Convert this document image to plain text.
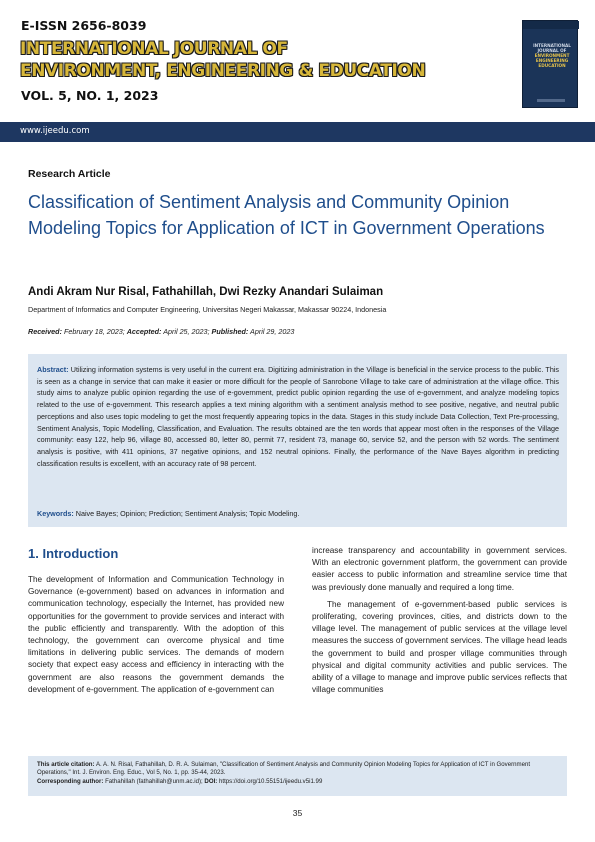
E-ISSN 2656-8039
INTERNATIONAL JOURNAL OF
ENVIRONMENT, ENGINEERING & EDUCATION
VOL. 5, NO. 1, 2023
INTERNATIONAL JOURNAL OF
ENVIRONMENT
ENGINEERING
EDUCATION
www.ijeedu.com
Research Article
Classification of Sentiment Analysis and Community Opinion Modeling Topics for Application of ICT in Government Operations
Andi Akram Nur Risal, Fathahillah, Dwi Rezky Anandari Sulaiman
Department of Informatics and Computer Engineering, Universitas Negeri Makassar, Makassar 90224, Indonesia
Received: February 18, 2023; Accepted: April 25, 2023; Published: April 29, 2023
Abstract: Utilizing information systems is very useful in the current era. Digitizing administration in the Village is beneficial in the service process to the public. This is seen as a change in service that can make it easier or more difficult for the people of Sanrobone Village to take care of administration at the village office. This study aims to analyze public opinion regarding the use of e-government, predict public opinion regarding the use of e-government, and analyze modeling topics related to the use of e-government. This research applies a text mining algorithm with a sentiment analysis method to see positive, negative, and neutral public perceptions and also uses topic modeling to get the most frequently appearing topics in the data. Stages in this study include Data Collection, Text Pre-processing, Sentiment Analysis, Topic Modelling, Classification, and Evaluation. The results obtained are the ten words that appear most often in the responses of the Village community: easy 122, help 96, village 80, accessed 80, letter 80, permit 77, resident 73, manage 60, service 52, and the person with 52 words. The sentiment analysis is positive, with 411 opinions, 37 negative opinions, and 152 neutral opinions. Finally, the performance of the Nave Bayes algorithm in predicting classification results is excellent, with an accuracy rate of 98 percent.
Keywords: Naive Bayes; Opinion; Prediction; Sentiment Analysis; Topic Modeling.
1. Introduction

The development of Information and Communication Technology in Governance (e-government) based on advances in information and communication technology, especially the Internet, has provided new opportunities for the government to provide services and interact with the public efficiently and transparently. With the adoption of this technology, the government can overcome physical and time limitations in delivering public services. The demands of modern society that expect easy access and efficiency in interacting with the government are also reasons the government demands the development of e-government. The application of e-government can

increase transparency and accountability in government services. With an electronic government platform, the government can provide easier access to public information and streamline service time that was previously done manually and required a long time.

The management of e-government-based public services is proliferating, covering provinces, cities, and districts down to the village level. The management of public services at the village level measures the success of government services. The village head leads the government to build and prosper village communities through physical and digital community activities and public services. The ability of a village to manage and improve public services reflects that village communities

This article citation: A. A. N. Risal, Fathahillah, D. R. A. Sulaiman, "Classification of Sentiment Analysis and Community Opinion Modeling Topics for Application of ICT in Government Operations," Int. J. Environ. Eng. Educ., Vol 5, No. 1, pp. 35-44, 2023.
Corresponding author: Fathahillah (fathahillah@unm.ac.id); DOI: https://doi.org/10.55151/ijeedu.v5i1.99
35
